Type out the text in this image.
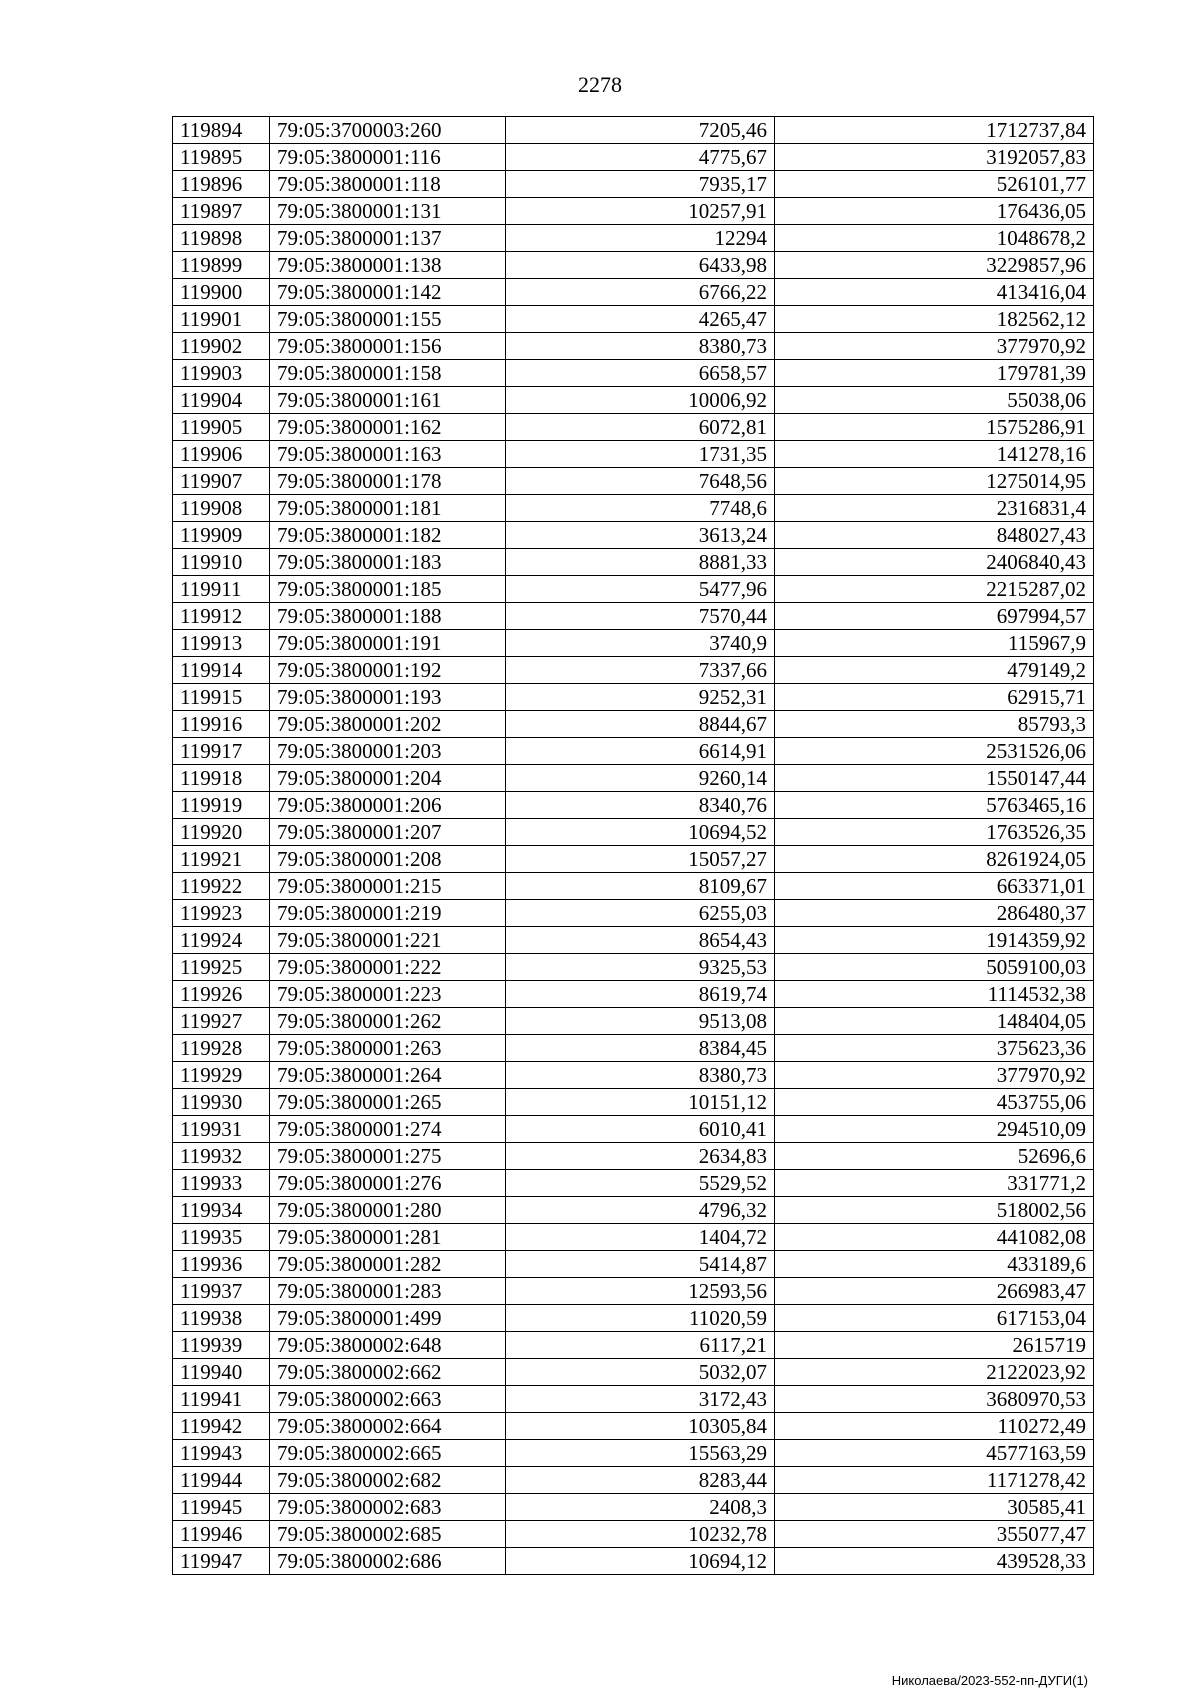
2278
119894	79:05:3700003:260	7205,46	1712737,84
119895	79:05:3800001:116	4775,67	3192057,83
119896	79:05:3800001:118	7935,17	526101,77
119897	79:05:3800001:131	10257,91	176436,05
119898	79:05:3800001:137	12294	1048678,2
119899	79:05:3800001:138	6433,98	3229857,96
119900	79:05:3800001:142	6766,22	413416,04
119901	79:05:3800001:155	4265,47	182562,12
119902	79:05:3800001:156	8380,73	377970,92
119903	79:05:3800001:158	6658,57	179781,39
119904	79:05:3800001:161	10006,92	55038,06
119905	79:05:3800001:162	6072,81	1575286,91
119906	79:05:3800001:163	1731,35	141278,16
119907	79:05:3800001:178	7648,56	1275014,95
119908	79:05:3800001:181	7748,6	2316831,4
119909	79:05:3800001:182	3613,24	848027,43
119910	79:05:3800001:183	8881,33	2406840,43
119911	79:05:3800001:185	5477,96	2215287,02
119912	79:05:3800001:188	7570,44	697994,57
119913	79:05:3800001:191	3740,9	115967,9
119914	79:05:3800001:192	7337,66	479149,2
119915	79:05:3800001:193	9252,31	62915,71
119916	79:05:3800001:202	8844,67	85793,3
119917	79:05:3800001:203	6614,91	2531526,06
119918	79:05:3800001:204	9260,14	1550147,44
119919	79:05:3800001:206	8340,76	5763465,16
119920	79:05:3800001:207	10694,52	1763526,35
119921	79:05:3800001:208	15057,27	8261924,05
119922	79:05:3800001:215	8109,67	663371,01
119923	79:05:3800001:219	6255,03	286480,37
119924	79:05:3800001:221	8654,43	1914359,92
119925	79:05:3800001:222	9325,53	5059100,03
119926	79:05:3800001:223	8619,74	1114532,38
119927	79:05:3800001:262	9513,08	148404,05
119928	79:05:3800001:263	8384,45	375623,36
119929	79:05:3800001:264	8380,73	377970,92
119930	79:05:3800001:265	10151,12	453755,06
119931	79:05:3800001:274	6010,41	294510,09
119932	79:05:3800001:275	2634,83	52696,6
119933	79:05:3800001:276	5529,52	331771,2
119934	79:05:3800001:280	4796,32	518002,56
119935	79:05:3800001:281	1404,72	441082,08
119936	79:05:3800001:282	5414,87	433189,6
119937	79:05:3800001:283	12593,56	266983,47
119938	79:05:3800001:499	11020,59	617153,04
119939	79:05:3800002:648	6117,21	2615719
119940	79:05:3800002:662	5032,07	2122023,92
119941	79:05:3800002:663	3172,43	3680970,53
119942	79:05:3800002:664	10305,84	110272,49
119943	79:05:3800002:665	15563,29	4577163,59
119944	79:05:3800002:682	8283,44	1171278,42
119945	79:05:3800002:683	2408,3	30585,41
119946	79:05:3800002:685	10232,78	355077,47
119947	79:05:3800002:686	10694,12	439528,33
Николаева/2023-552-пп-ДУГИ(1)
